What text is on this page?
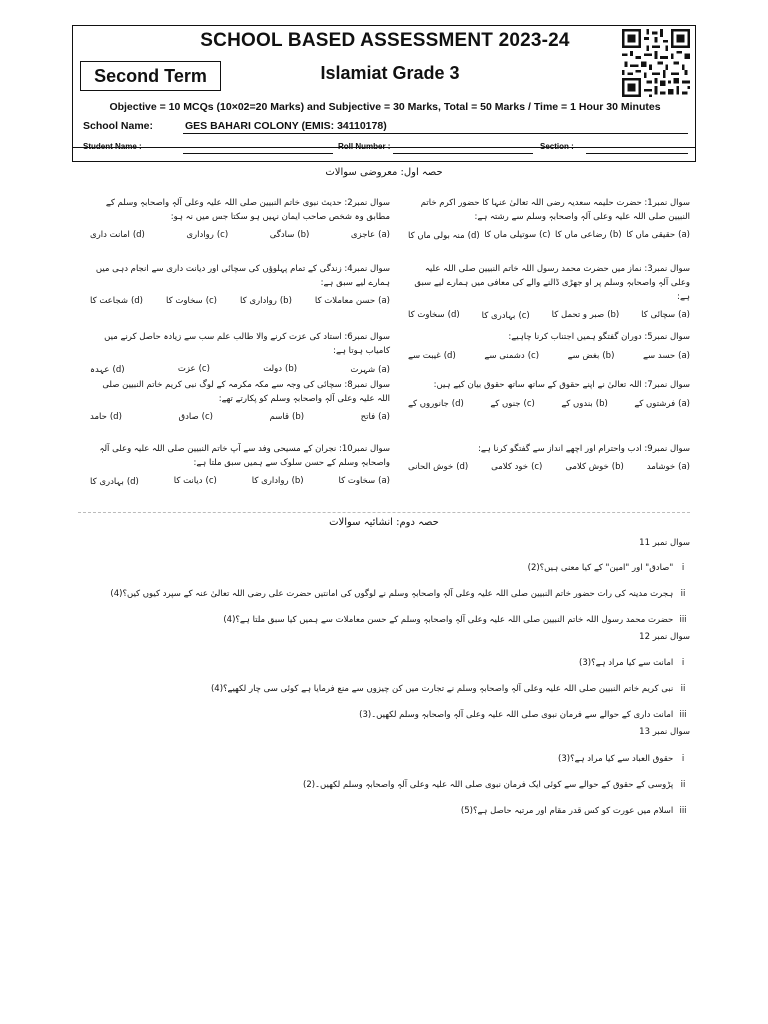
SCHOOL BASED ASSESSMENT 2023-24
Second Term	Islamiat Grade 3
Objective = 10 MCQs (10×02=20 Marks) and Subjective = 30 Marks, Total = 50 Marks / Time = 1 Hour 30 Minutes
School Name:	GES BAHARI COLONY (EMIS: 34110178)
Student Name :	Roll Number :	Section :
حصہ اول: معروضی سوالات
سوال نمبر1: حضرت حلیمہ سعدیہ رضی اللہ تعالیٰ عنہا کا حضور اکرم خاتم النبیین صلی اللہ علیہ وعلی آلہٖ واصحابہٖ وسلم سے رشتہ ہے:
(a)حقیقی ماں کا
(b)رضاعی ماں کا
(c)سوتیلی ماں کا
(d)منہ بولی ماں کا
سوال نمبر2: حدیث نبوی خاتم النبیین صلی اللہ علیہ وعلی آلہٖ واصحابہٖ وسلم کے مطابق وہ شخص صاحب ایمان نہیں ہو سکتا جس میں نہ ہو:
(a)عاجزی
(b)سادگی
(c)رواداری
(d)امانت داری
سوال نمبر3: نماز میں حضرت محمد رسول اللہ خاتم النبیین صلی اللہ علیہ وعلی آلہٖ واصحابہٖ وسلم پر او جھڑی ڈالنے والے کی معافی میں ہمارے لیے سبق ہے:
(a)سچائی کا
(b)صبر و تحمل کا
(c)بہادری کا
(d)سخاوت کا
سوال نمبر4: زندگی کے تمام پہلوؤں کی سچائی اور دیانت داری سے انجام دہی میں ہمارے لیے سبق ہے:
(a)حسن معاملات کا
(b)رواداری کا
(c)سخاوت کا
(d)شجاعت کا
سوال نمبر5: دوران گفتگو ہمیں اجتناب کرنا چاہیے:
(a)حسد سے
(b)بغض سے
(c)دشمنی سے
(d)غیبت سے
سوال نمبر6: استاد کی عزت کرنے والا طالب علم سب سے زیادہ حاصل کرنے میں کامیاب ہوتا ہے:
(a)شہرت
(b)دولت
(c)عزت
(d)عہدہ
سوال نمبر7: اللہ تعالیٰ نے اپنے حقوق کے ساتھ ساتھ حقوق بیان کیے ہیں:
(a)فرشتوں کے
(b)بندوں کے
(c)جنوں کے
(d)جانوروں کے
سوال نمبر8: سچائی کی وجہ سے مکہ مکرمہ کے لوگ نبی کریم خاتم النبیین صلی اللہ علیہ وعلی آلہٖ واصحابہٖ وسلم کو پکارتے تھے:
(a)فاتح
(b)قاسم
(c)صادق
(d)حامد
سوال نمبر9: ادب واحترام اور اچھے انداز سے گفتگو کرنا ہے:
(a)خوشامد
(b)خوش کلامی
(c)خود کلامی
(d)خوش الحانی
سوال نمبر10: نجران کے مسیحی وفد سے آپ خاتم النبیین صلی اللہ علیہ وعلی آلہٖ واصحابہٖ وسلم کے حسن سلوک سے ہمیں سبق ملتا ہے:
(a)سخاوت کا
(b)رواداری کا
(c)دیانت کا
(d)بہادری کا
حصہ دوم: انشائیہ سوالات
سوال نمبر 11
i "صادق" اور "امین" کے کیا معنی ہیں؟(2)
ii ہجرت مدینہ کی رات حضور خاتم النبیین صلی اللہ علیہ وعلی آلہٖ واصحابہٖ وسلم نے لوگوں کی امانتیں حضرت علی رضی اللہ تعالیٰ عنہ کے سپرد کیوں کیں؟(4)
iii حضرت محمد رسول اللہ خاتم النبیین صلی اللہ علیہ وعلی آلہٖ واصحابہٖ وسلم کے حسن معاملات سے ہمیں کیا سبق ملتا ہے؟(4)
سوال نمبر 12
i امانت سے کیا مراد ہے؟(3)
ii نبی کریم خاتم النبیین صلی اللہ علیہ وعلی آلہٖ واصحابہٖ وسلم نے تجارت میں کن چیزوں سے منع فرمایا ہے کوئی سی چار لکھیے؟(4)
iii امانت داری کے حوالے سے فرمان نبوی صلی اللہ علیہ وعلی آلہٖ واصحابہٖ وسلم لکھیں۔(3)
سوال نمبر 13
i حقوق العباد سے کیا مراد ہے؟(3)
ii پڑوسی کے حقوق کے حوالے سے کوئی ایک فرمان نبوی صلی اللہ علیہ وعلی آلہٖ واصحابہٖ وسلم لکھیں۔(2)
iii اسلام میں عورت کو کس قدر مقام اور مرتبہ حاصل ہے؟(5)
